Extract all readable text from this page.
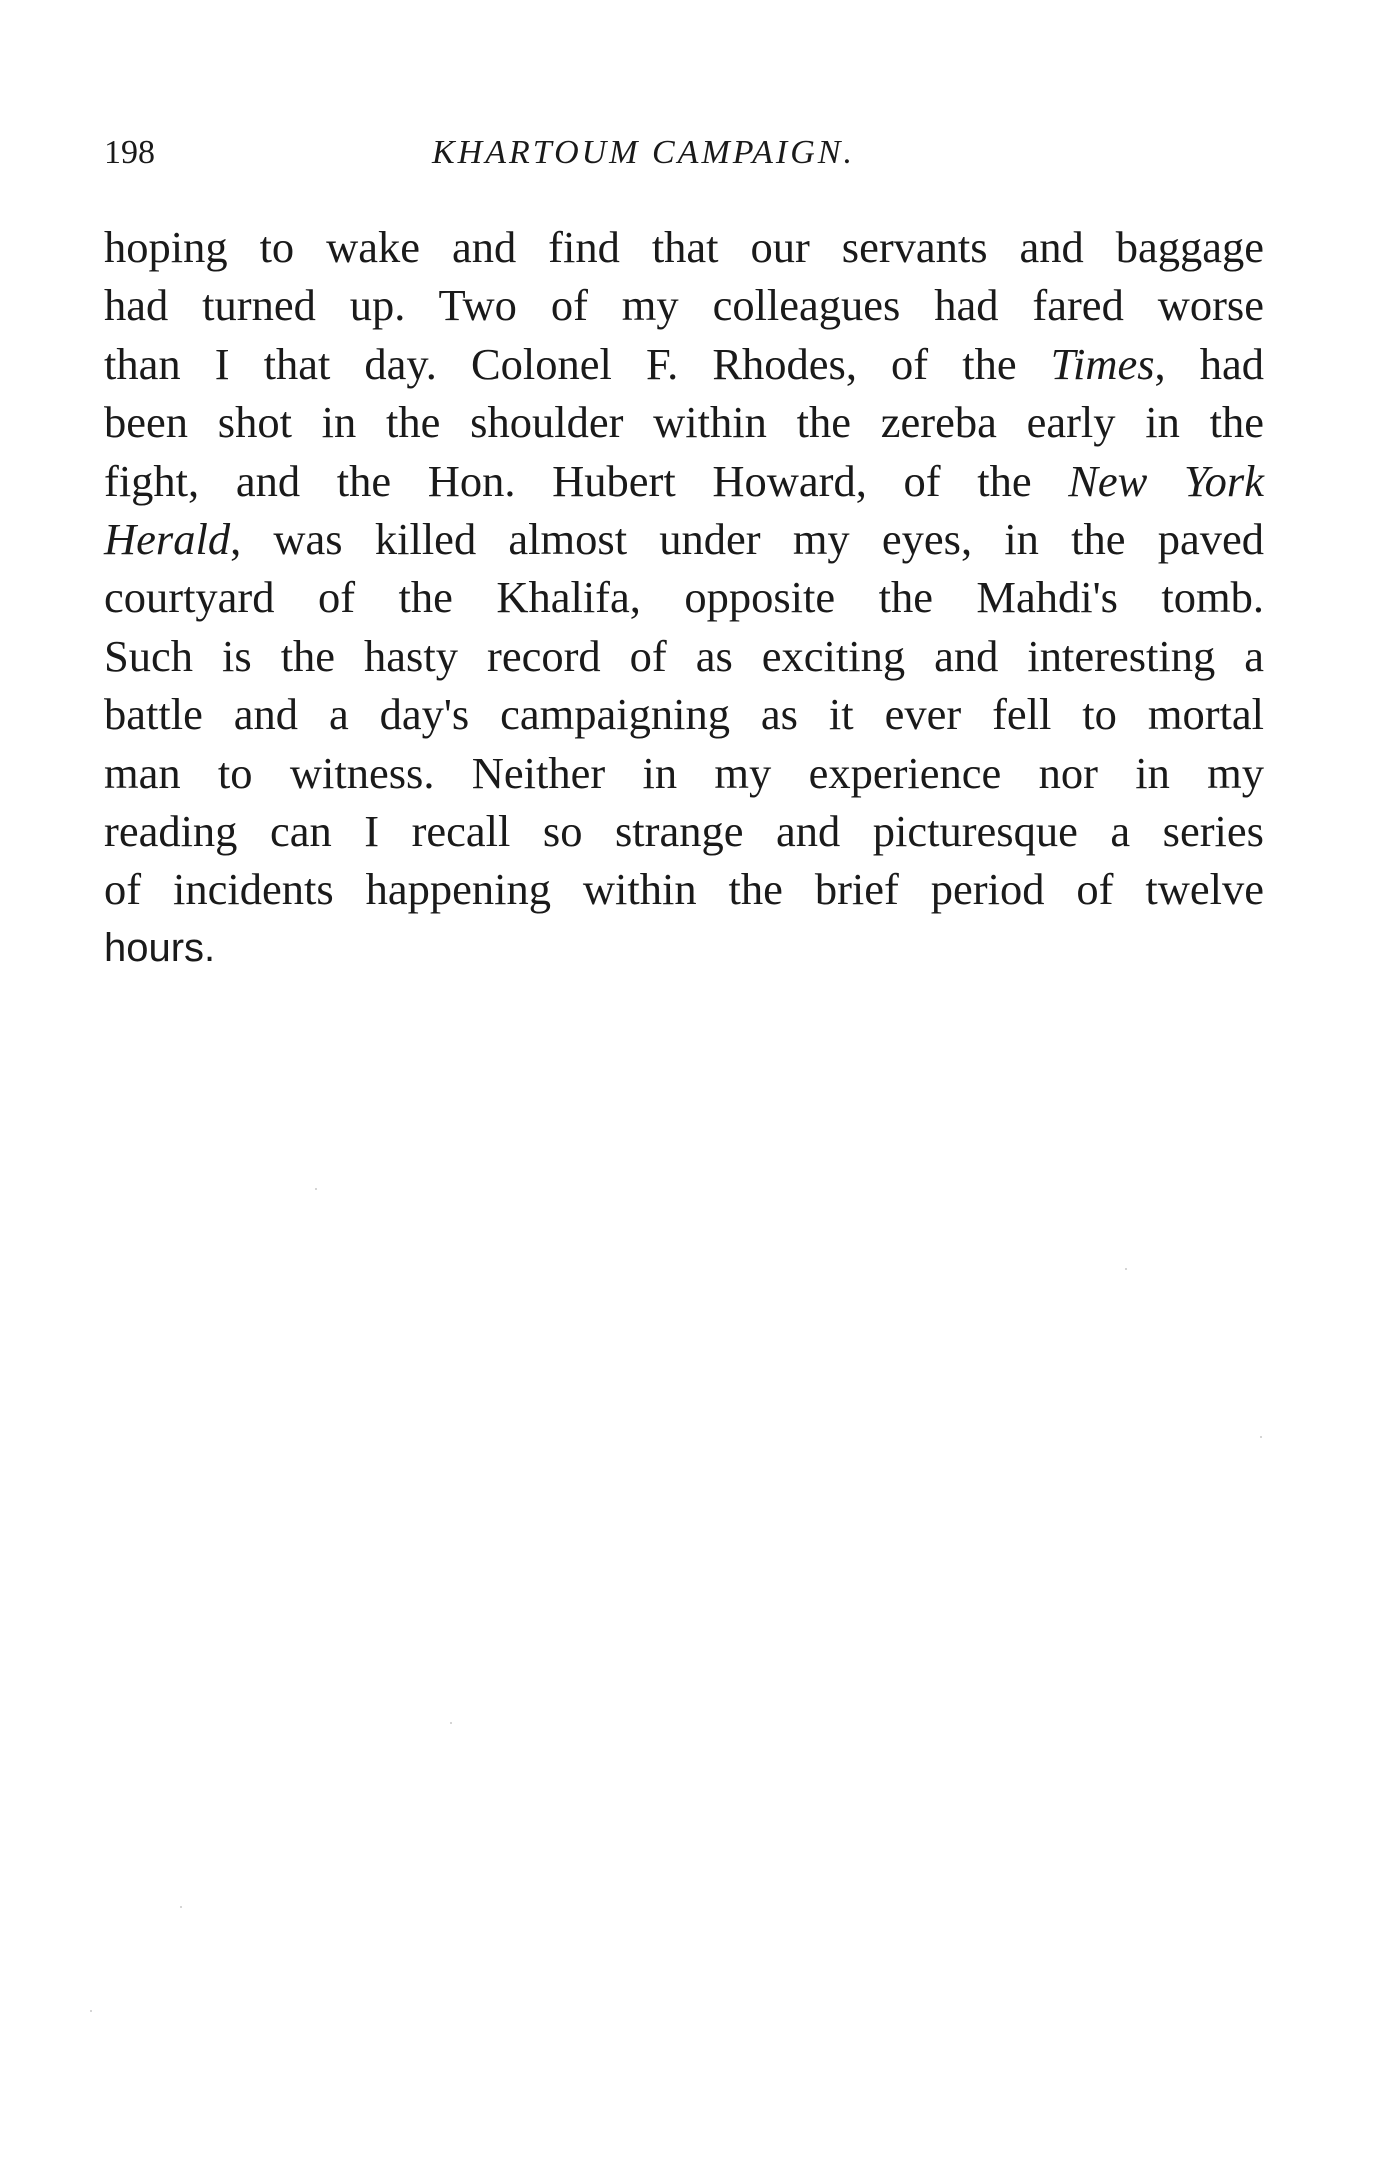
198	KHARTOUM CAMPAIGN.
hoping to wake and find that our servants and baggage
had turned up. Two of my colleagues had fared worse
than I that day. Colonel F. Rhodes, of the Times, had
been shot in the shoulder within the zereba early in the
fight, and the Hon. Hubert Howard, of the New York
Herald, was killed almost under my eyes, in the paved
courtyard of the Khalifa, opposite the Mahdi's tomb.
Such is the hasty record of as exciting and interesting a
battle and a day's campaigning as it ever fell to mortal
man to witness. Neither in my experience nor in my
reading can I recall so strange and picturesque a series
of incidents happening within the brief period of twelve
hours.
